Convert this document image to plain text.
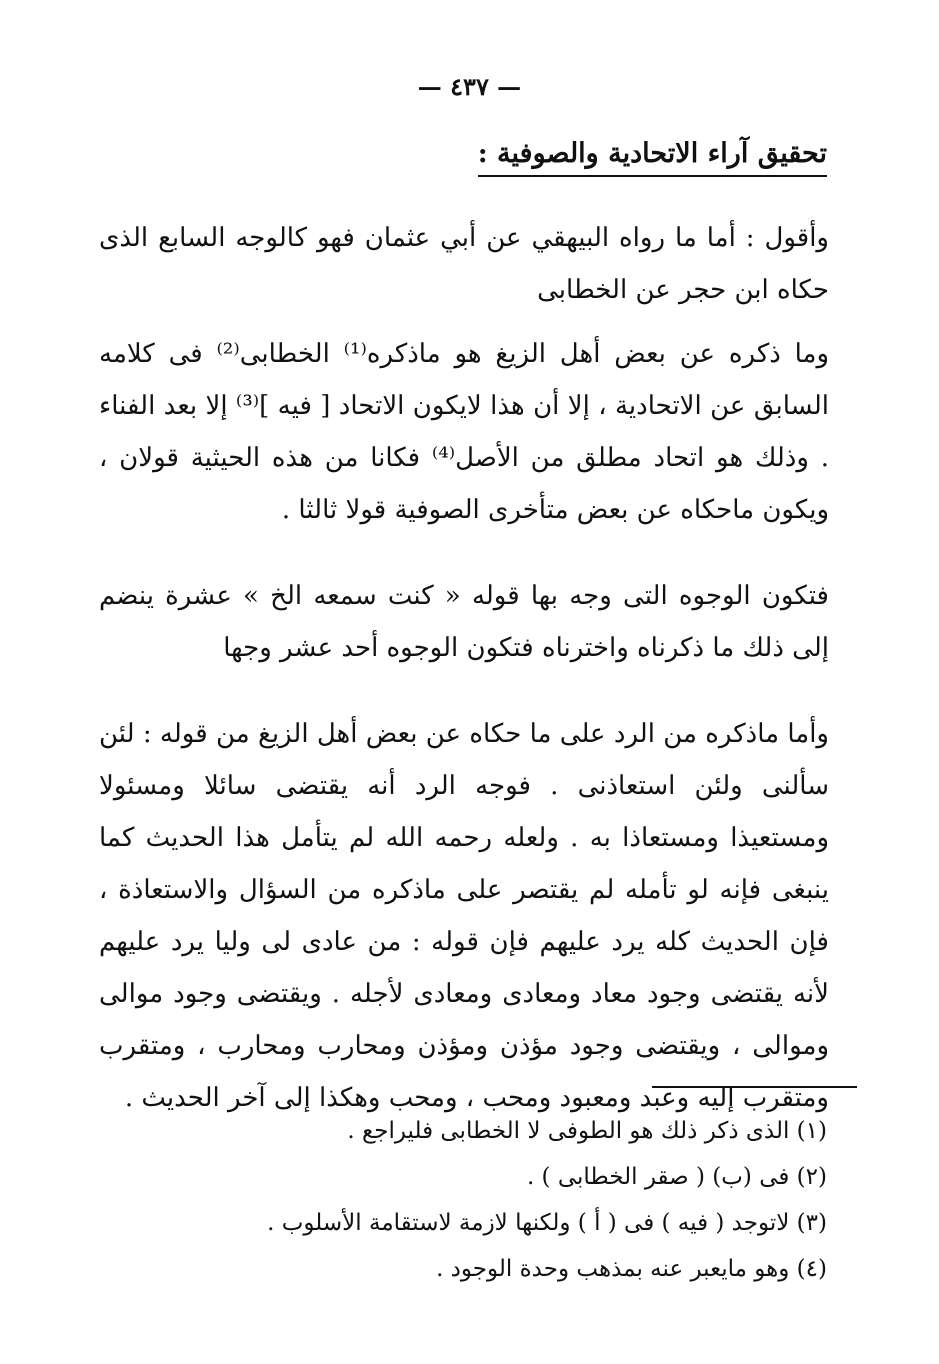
— ٤٣٧ —
تحقيق آراء الاتحادية والصوفية :

وأقول : أما ما رواه البيهقي عن أبي عثمان فهو كالوجه السابع الذى حكاه ابن حجر عن الخطابى

وما ذكره عن بعض أهل الزيغ هو ماذكره⁽¹⁾ الخطابى⁽²⁾ فى كلامه السابق عن الاتحادية ، إلا أن هذا لايكون الاتحاد [ فيه ]⁽³⁾ إلا بعد الفناء . وذلك هو اتحاد مطلق من الأصل⁽⁴⁾ فكانا من هذه الحيثية قولان ، ويكون ماحكاه عن بعض متأخرى الصوفية قولا ثالثا .

فتكون الوجوه التى وجه بها قوله « كنت سمعه الخ » عشرة ينضم إلى ذلك ما ذكرناه واخترناه فتكون الوجوه أحد عشر وجها

وأما ماذكره من الرد على ما حكاه عن بعض أهل الزيغ من قوله : لئن سألنى ولئن استعاذنى . فوجه الرد أنه يقتضى سائلا ومسئولا ومستعيذا ومستعاذا به . ولعله رحمه الله لم يتأمل هذا الحديث كما ينبغى فإنه لو تأمله لم يقتصر على ماذكره من السؤال والاستعاذة ، فإن الحديث كله يرد عليهم فإن قوله : من عادى لى وليا يرد عليهم لأنه يقتضى وجود معاد ومعادى ومعادى لأجله . ويقتضى وجود موالى وموالى ، ويقتضى وجود مؤذن ومؤذن ومحارب ومحارب ، ومتقرب ومتقرب إليه وعبد ومعبود ومحب ، ومحب وهكذا إلى آخر الحديث .

(١) الذى ذكر ذلك هو الطوفى لا الخطابى فليراجع .
(٢) فى (ب) ( صقر الخطابى ) .
(٣) لاتوجد ( فيه ) فى ( أ ) ولكنها لازمة لاستقامة الأسلوب .
(٤) وهو مايعبر عنه بمذهب وحدة الوجود .
